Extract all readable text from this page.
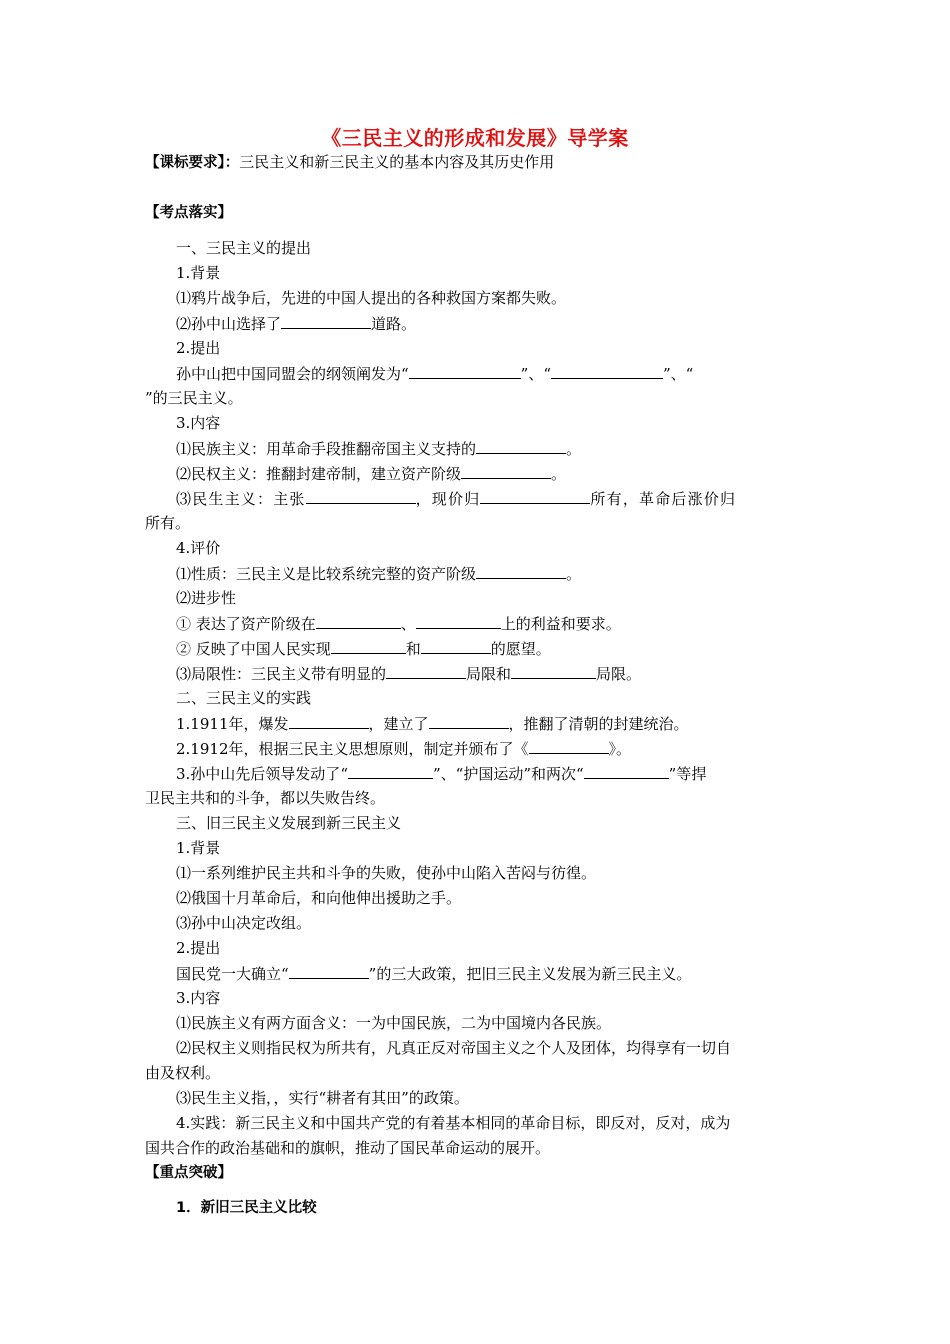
《三民主义的形成和发展》导学案
【课标要求】：三民主义和新三民主义的基本内容及其历史作用
【考点落实】
一、三民主义的提出
1.背景
⑴鸦片战争后，先进的中国人提出的各种救国方案都失败。
⑵孙中山选择了	道路。
2.提出
孙中山把中国同盟会的纲领阐发为“	”、“	”、“
”的三民主义。
3.内容
⑴民族主义：用革命手段推翻帝国主义支持的	。
⑵民权主义：推翻封建帝制，建立资产阶级	。
⑶民生主义：主张	，现价归	所有，革命后涨价归
所有。
4.评价
⑴性质：三民主义是比较系统完整的资产阶级	。
⑵进步性
① 表达了资产阶级在	、	上的利益和要求。
② 反映了中国人民实现	和	的愿望。
⑶局限性：三民主义带有明显的	局限和	局限。
二、三民主义的实践
1.1911年，爆发	，建立了	，推翻了清朝的封建统治。
2.1912年，根据三民主义思想原则，制定并颁布了《	》。
3.孙中山先后领导发动了“	”、“护国运动”和两次“	”等捍
卫民主共和的斗争，都以失败告终。
三、旧三民主义发展到新三民主义
1.背景
⑴一系列维护民主共和斗争的失败，使孙中山陷入苦闷与彷徨。
⑵俄国十月革命后，和向他伸出援助之手。
⑶孙中山决定改组。
2.提出
国民党一大确立“	”的三大政策，把旧三民主义发展为新三民主义。
3.内容
⑴民族主义有两方面含义：一为中国民族，二为中国境内各民族。
⑵民权主义则指民权为所共有，凡真正反对帝国主义之个人及团体，均得享有一切自
由及权利。
⑶民生主义指，，实行“耕者有其田”的政策。
4.实践：新三民主义和中国共产党的有着基本相同的革命目标，即反对，反对，成为
国共合作的政治基础和的旗帜，推动了国民革命运动的展开。
【重点突破】
1．新旧三民主义比较
